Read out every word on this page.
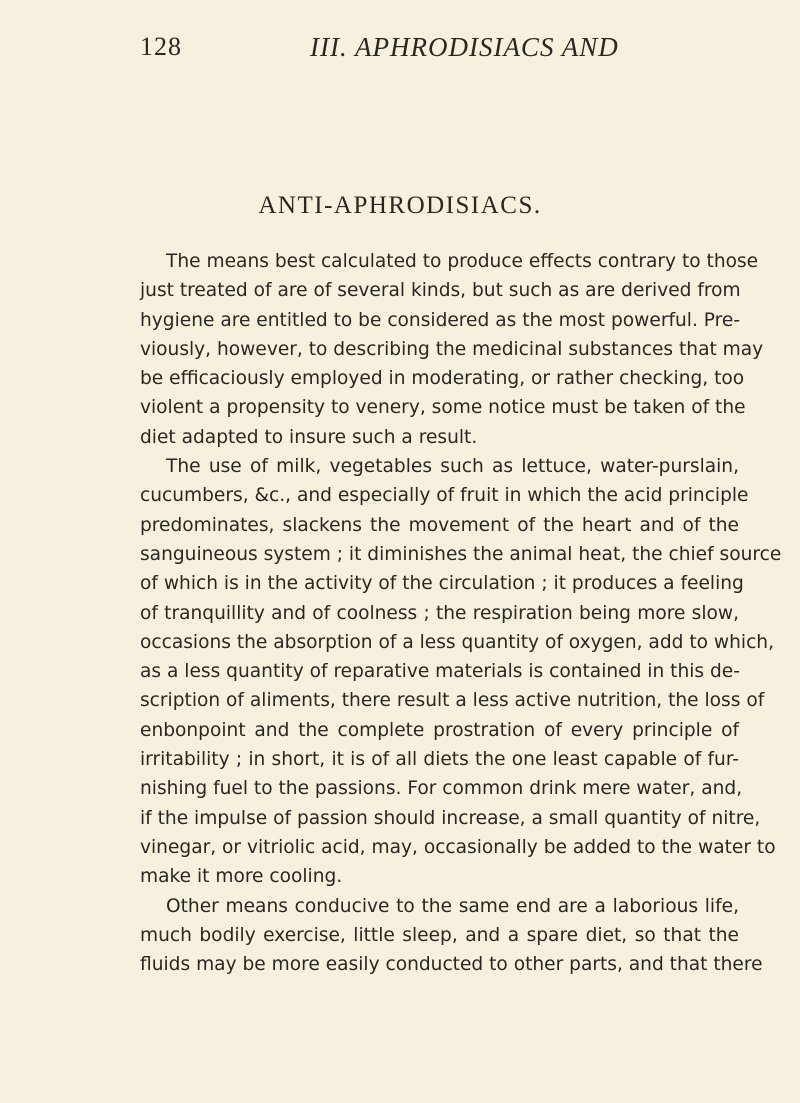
128	III. APHRODISIACS AND
ANTI-APHRODISIACS.
The means best calculated to produce effects contrary to those
just treated of are of several kinds, but such as are derived from
hygiene are entitled to be considered as the most powerful. Pre-
viously, however, to describing the medicinal substances that may
be efficaciously employed in moderating, or rather checking, too
violent a propensity to venery, some notice must be taken of the
diet adapted to insure such a result.
The use of milk, vegetables such as lettuce, water-purslain,
cucumbers, &c., and especially of fruit in which the acid principle
predominates, slackens the movement of the heart and of the
sanguineous system ; it diminishes the animal heat, the chief source
of which is in the activity of the circulation ; it produces a feeling
of tranquillity and of coolness ; the respiration being more slow,
occasions the absorption of a less quantity of oxygen, add to which,
as a less quantity of reparative materials is contained in this de-
scription of aliments, there result a less active nutrition, the loss of
enbonpoint and the complete prostration of every principle of
irritability ; in short, it is of all diets the one least capable of fur-
nishing fuel to the passions. For common drink mere water, and,
if the impulse of passion should increase, a small quantity of nitre,
vinegar, or vitriolic acid, may, occasionally be added to the water to
make it more cooling.
Other means conducive to the same end are a laborious life,
much bodily exercise, little sleep, and a spare diet, so that the
fluids may be more easily conducted to other parts, and that there
